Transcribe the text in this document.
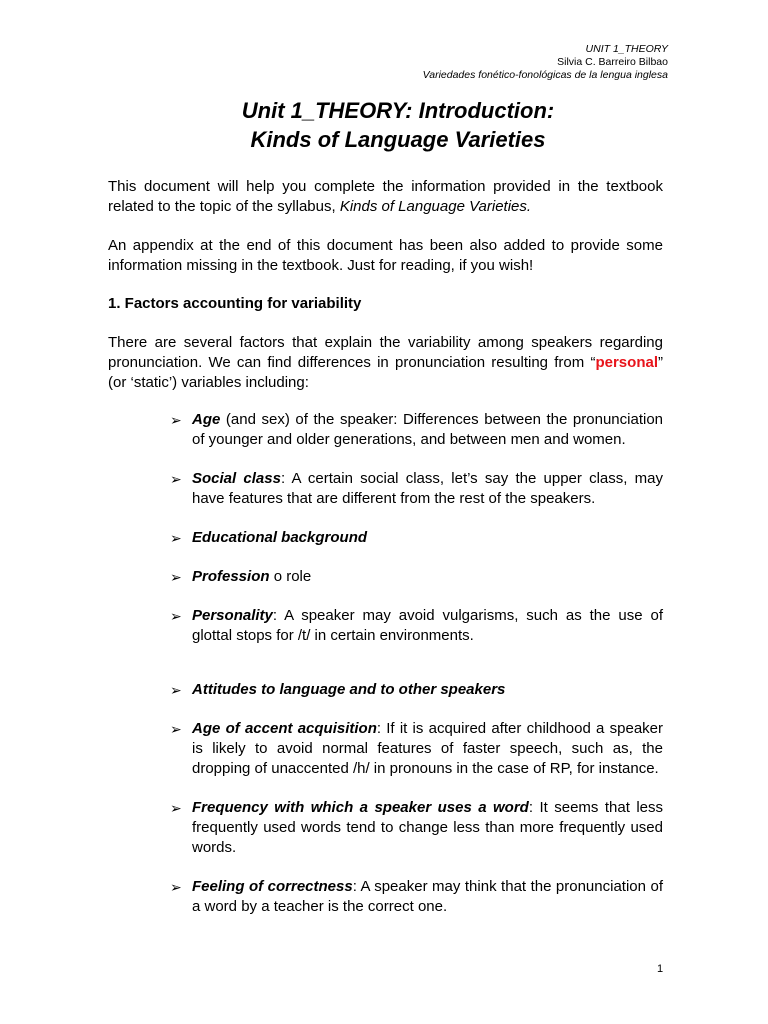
UNIT 1_THEORY
Silvia C. Barreiro Bilbao
Variedades fonético-fonológicas de la lengua inglesa
Unit 1_THEORY: Introduction:
Kinds of Language Varieties
This document will help you complete the information provided in the textbook related to the topic of the syllabus, Kinds of Language Varieties.
An appendix at the end of this document has been also added to provide some information missing in the textbook. Just for reading, if you wish!
1. Factors accounting for variability
There are several factors that explain the variability among speakers regarding pronunciation. We can find differences in pronunciation resulting from “personal” (or ‘static’) variables including:
➢ Age (and sex) of the speaker: Differences between the pronunciation of younger and older generations, and between men and women.
➢ Social class: A certain social class, let’s say the upper class, may have features that are different from the rest of the speakers.
➢ Educational background
➢ Profession o role
➢ Personality: A speaker may avoid vulgarisms, such as the use of glottal stops for /t/ in certain environments.
➢ Attitudes to language and to other speakers
➢ Age of accent acquisition: If it is acquired after childhood a speaker is likely to avoid normal features of faster speech, such as, the dropping of unaccented /h/ in pronouns in the case of RP, for instance.
➢ Frequency with which a speaker uses a word: It seems that less frequently used words tend to change less than more frequently used words.
➢ Feeling of correctness: A speaker may think that the pronunciation of a word by a teacher is the correct one.
1
